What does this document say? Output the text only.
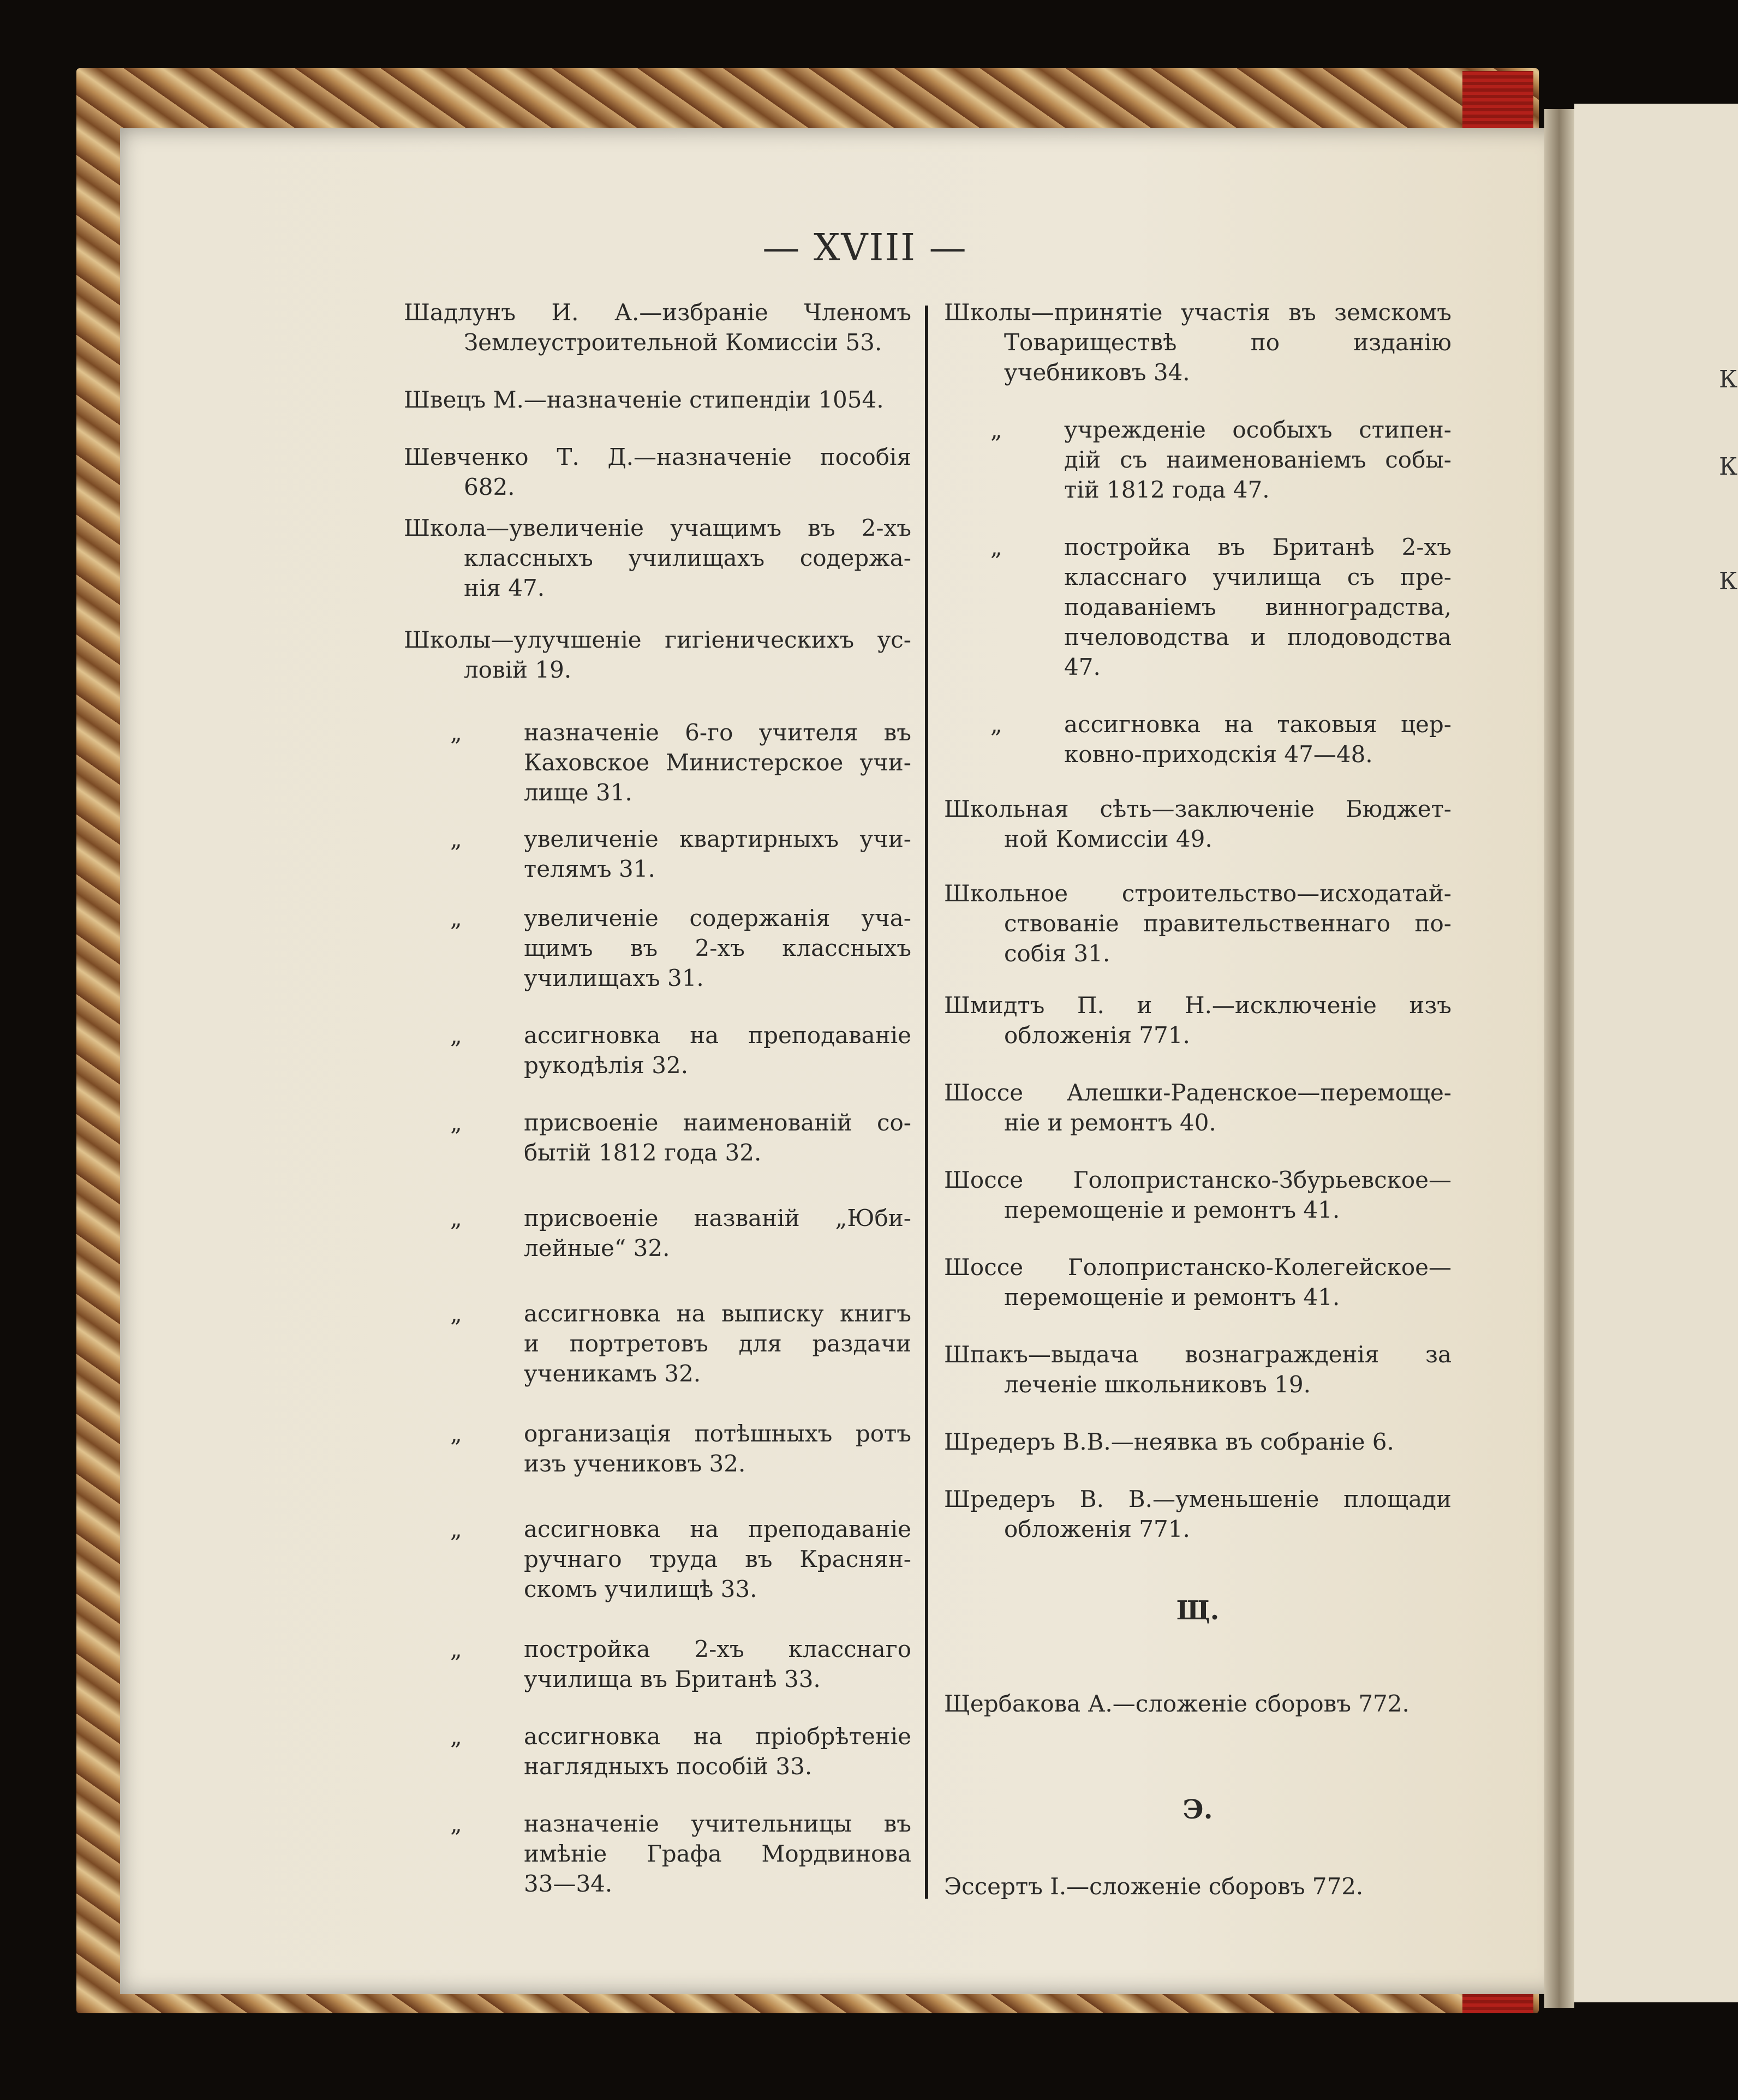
К
К
К
— XVIII —
Шадлунъ И. А.—избраніе Членомъ
Землеустроительной Комиссіи 53.
Швецъ М.—назначеніе стипендіи 1054.
Шевченко Т. Д.—назначеніе пособія
682.
Школа—увеличеніе учащимъ въ 2-хъ
классныхъ училищахъ содержа-
нія 47.
Школы—улучшеніе гигіеническихъ ус-
ловій 19.
„	назначеніе 6-го учителя въ
Каховское Министерское учи-
лище 31.
„	увеличеніе квартирныхъ учи-
телямъ 31.
„	увеличеніе содержанія уча-
щимъ въ 2-хъ классныхъ
училищахъ 31.
„	ассигновка на преподаваніе
рукодѣлія 32.
„	присвоеніе наименованій со-
бытій 1812 года 32.
„	присвоеніе названій „Юби-
лейные“ 32.
„	ассигновка на выписку книгъ
и портретовъ для раздачи
ученикамъ 32.
„	организація потѣшныхъ ротъ
изъ учениковъ 32.
„	ассигновка на преподаваніе
ручнаго труда въ Краснян-
скомъ училищѣ 33.
„	постройка 2-хъ класснаго
училища въ Британѣ 33.
„	ассигновка на пріобрѣтеніе
наглядныхъ пособій 33.
„	назначеніе учительницы въ
имѣніе Графа Мордвинова
33—34.
Школы—принятіе участія въ земскомъ
Товариществѣ по изданію
учебниковъ 34.
„	учрежденіе особыхъ стипен-
дій съ наименованіемъ собы-
тій 1812 года 47.
„	постройка въ Британѣ 2-хъ
класснаго училища съ пре-
подаваніемъ винноградства,
пчеловодства и плодоводства
47.
„	ассигновка на таковыя цер-
ковно-приходскія 47—48.
Школьная сѣть—заключеніе Бюджет-
ной Комиссіи 49.
Школьное строительство—исходатай-
ствованіе правительственнаго по-
собія 31.
Шмидтъ П. и Н.—исключеніе изъ
обложенія 771.
Шоссе Алешки-Раденское—перемоще-
ніе и ремонтъ 40.
Шоссе Голопристанско-Збурьевское—
перемощеніе и ремонтъ 41.
Шоссе Голопристанско-Колегейское—
перемощеніе и ремонтъ 41.
Шпакъ—выдача вознагражденія за
леченіе школьниковъ 19.
Шредеръ В.В.—неявка въ собраніе 6.
Шредеръ В. В.—уменьшеніе площади
обложенія 771.
Щ.
Щербакова А.—сложеніе сборовъ 772.
Э.
Эссертъ І.—сложеніе сборовъ 772.
